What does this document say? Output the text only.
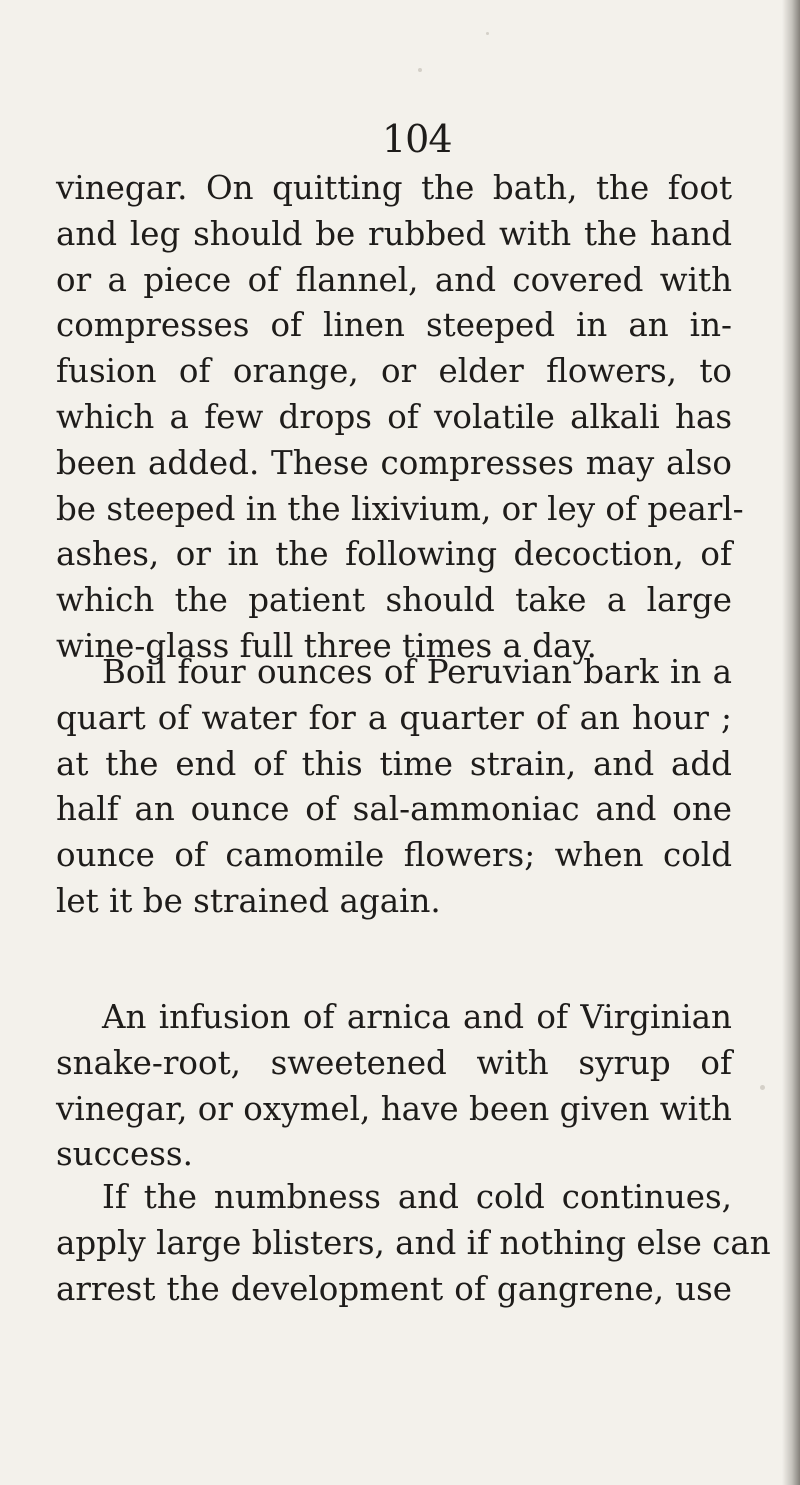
104
vinegar. On quitting the bath, the foot
and leg should be rubbed with the hand
or a piece of flannel, and covered with
compresses of linen steeped in an in-
fusion of orange, or elder flowers, to
which a few drops of volatile alkali has
been added. These compresses may also
be steeped in the lixivium, or ley of pearl-
ashes, or in the following decoction, of
which the patient should take a large
wine-glass full three times a day.
Boil four ounces of Peruvian bark in a
quart of water for a quarter of an hour ;
at the end of this time strain, and add
half an ounce of sal-ammoniac and one
ounce of camomile flowers; when cold
let it be strained again.
An infusion of arnica and of Virginian
snake-root, sweetened with syrup of
vinegar, or oxymel, have been given with
success.
If the numbness and cold continues,
apply large blisters, and if nothing else can
arrest the development of gangrene, use
